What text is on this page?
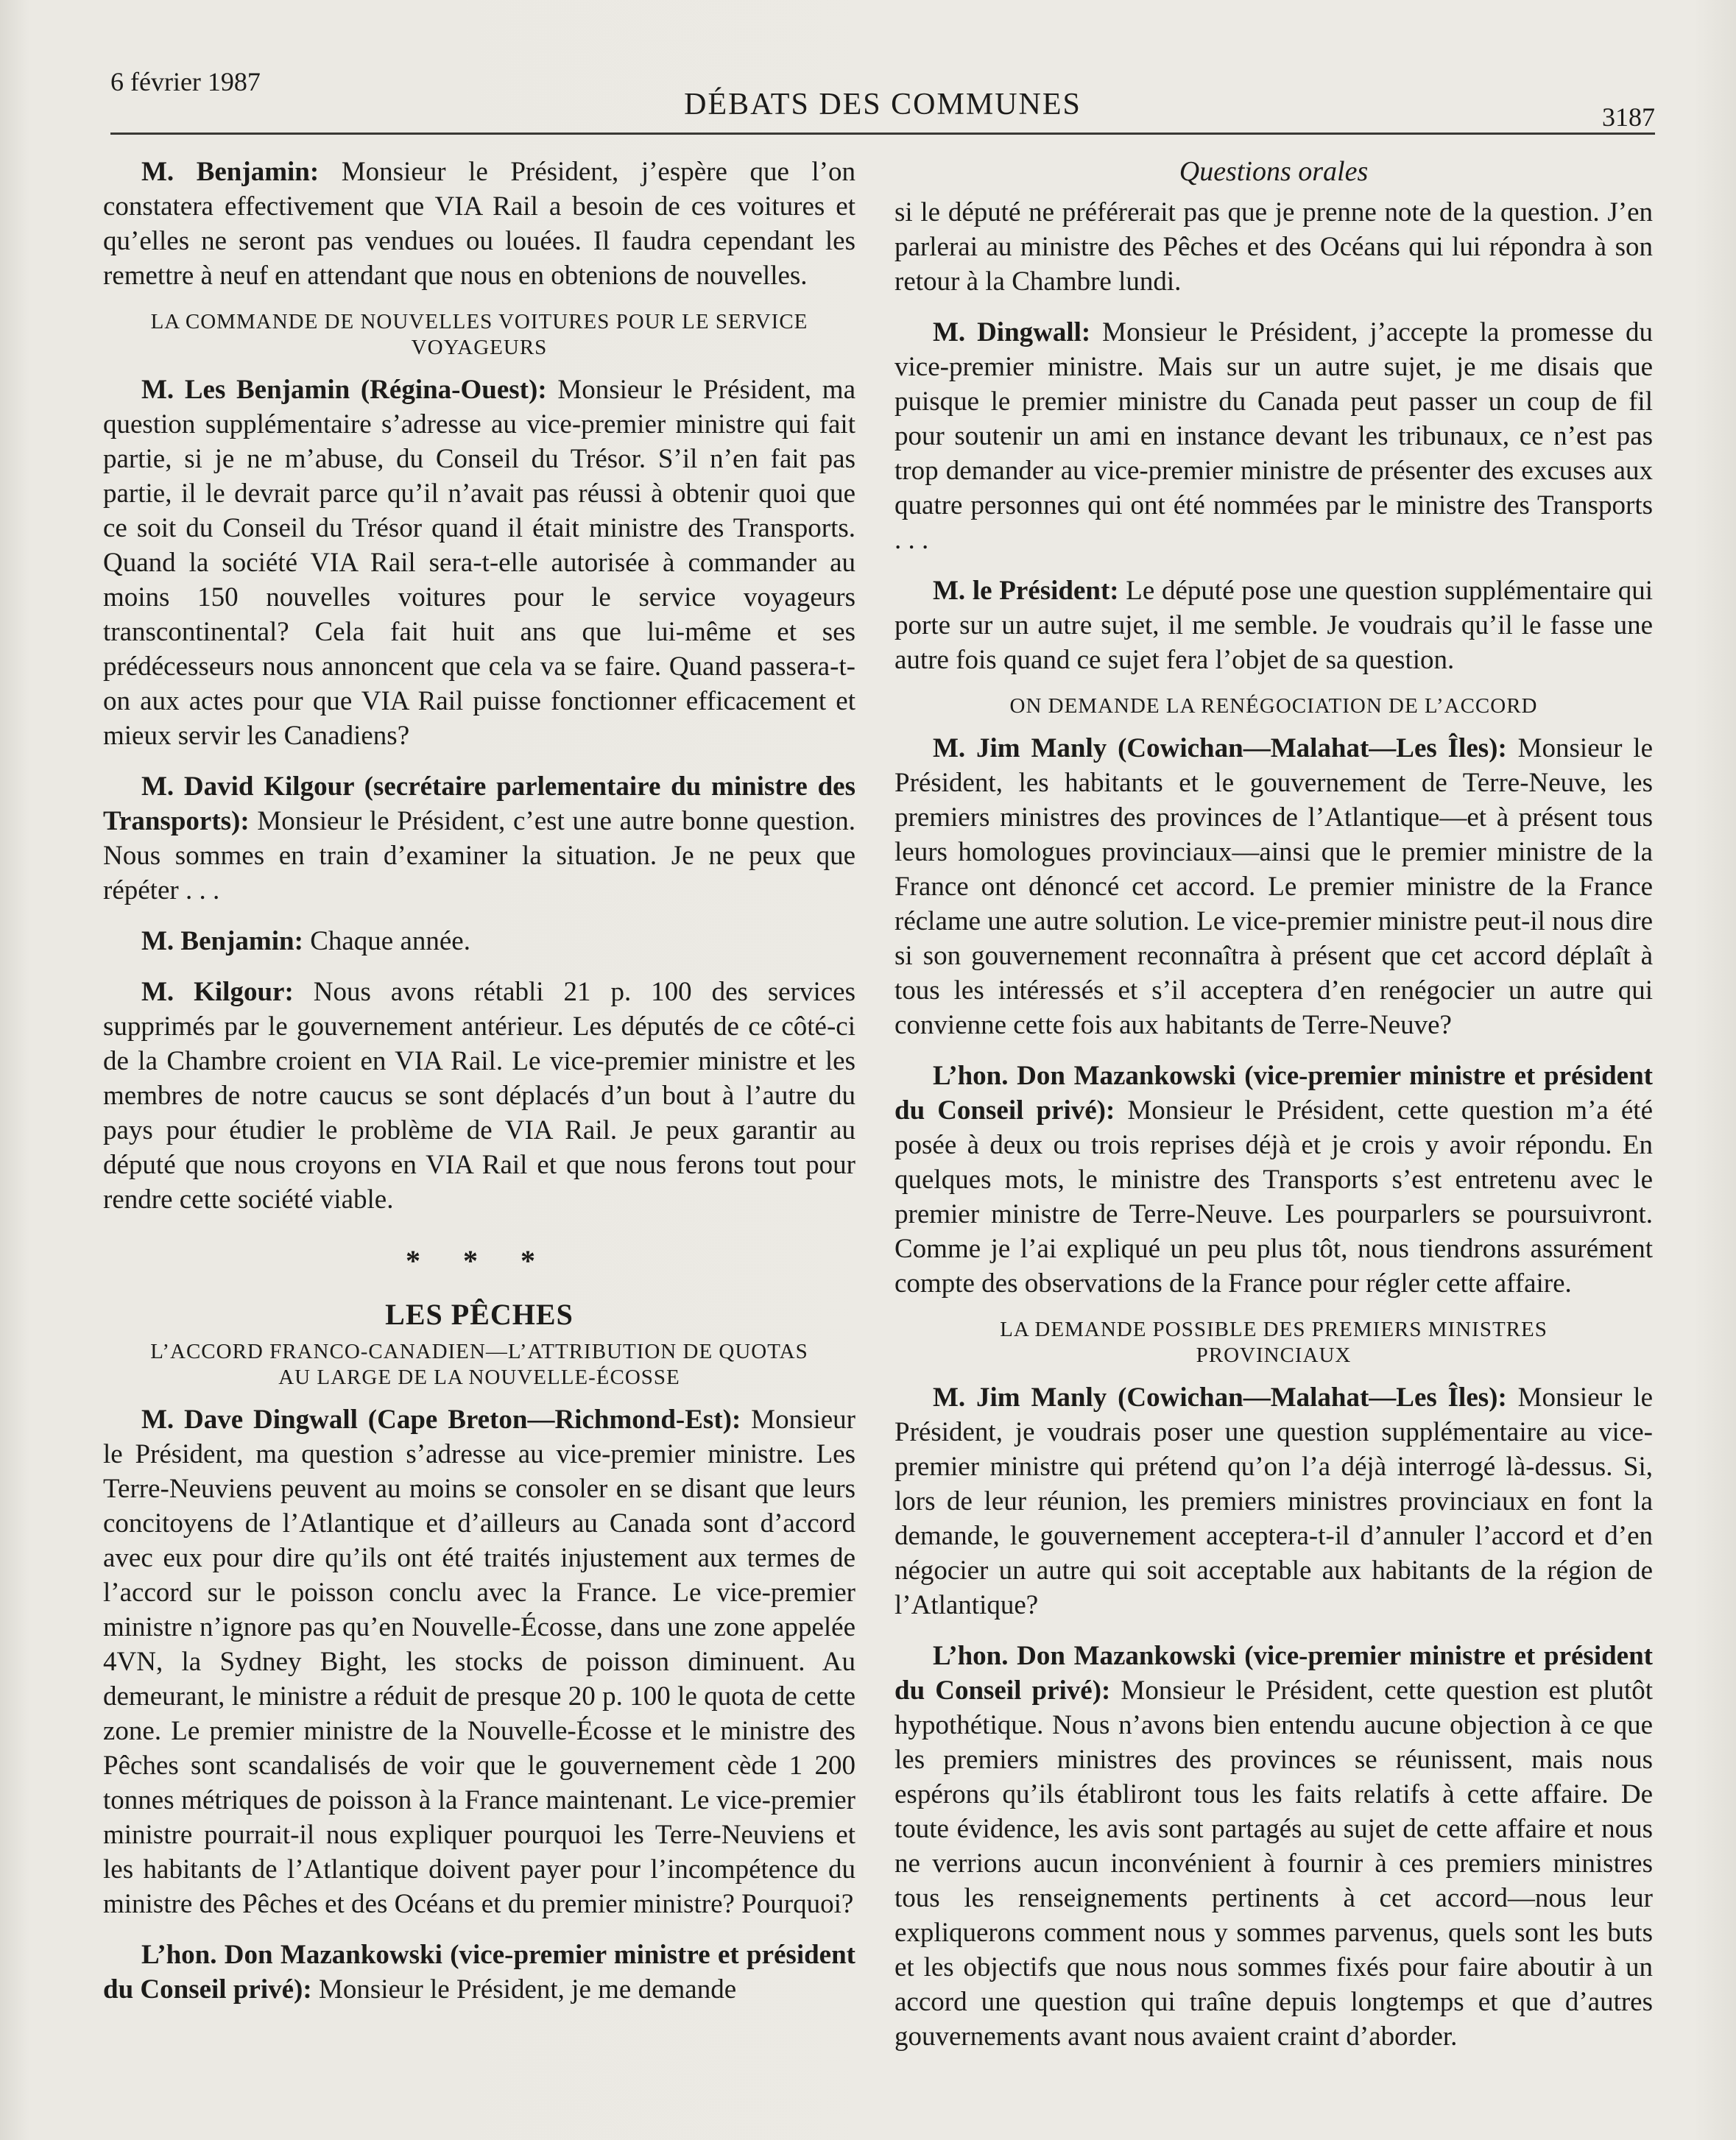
6 février 1987
DÉBATS DES COMMUNES	3187

M. Benjamin: Monsieur le Président, j’espère que l’on constatera effectivement que VIA Rail a besoin de ces voitures et qu’elles ne seront pas vendues ou louées. Il faudra cependant les remettre à neuf en attendant que nous en obtenions de nouvelles.

LA COMMANDE DE NOUVELLES VOITURES POUR LE SERVICE VOYAGEURS

M. Les Benjamin (Régina-Ouest): Monsieur le Président, ma question supplémentaire s’adresse au vice-premier ministre qui fait partie, si je ne m’abuse, du Conseil du Trésor. S’il n’en fait pas partie, il le devrait parce qu’il n’avait pas réussi à obtenir quoi que ce soit du Conseil du Trésor quand il était ministre des Transports. Quand la société VIA Rail sera-t-elle autorisée à commander au moins 150 nouvelles voitures pour le service voyageurs transcontinental? Cela fait huit ans que lui-même et ses prédécesseurs nous annoncent que cela va se faire. Quand passera-t-on aux actes pour que VIA Rail puisse fonctionner efficacement et mieux servir les Canadiens?

M. David Kilgour (secrétaire parlementaire du ministre des Transports): Monsieur le Président, c’est une autre bonne question. Nous sommes en train d’examiner la situation. Je ne peux que répéter . . .

M. Benjamin: Chaque année.

M. Kilgour: Nous avons rétabli 21 p. 100 des services supprimés par le gouvernement antérieur. Les députés de ce côté-ci de la Chambre croient en VIA Rail. Le vice-premier ministre et les membres de notre caucus se sont déplacés d’un bout à l’autre du pays pour étudier le problème de VIA Rail. Je peux garantir au député que nous croyons en VIA Rail et que nous ferons tout pour rendre cette société viable.

* * *
LES PÊCHES
L’ACCORD FRANCO-CANADIEN—L’ATTRIBUTION DE QUOTAS AU LARGE DE LA NOUVELLE-ÉCOSSE

M. Dave Dingwall (Cape Breton—Richmond-Est): Monsieur le Président, ma question s’adresse au vice-premier ministre. Les Terre-Neuviens peuvent au moins se consoler en se disant que leurs concitoyens de l’Atlantique et d’ailleurs au Canada sont d’accord avec eux pour dire qu’ils ont été traités injustement aux termes de l’accord sur le poisson conclu avec la France. Le vice-premier ministre n’ignore pas qu’en Nouvelle-Écosse, dans une zone appelée 4VN, la Sydney Bight, les stocks de poisson diminuent. Au demeurant, le ministre a réduit de presque 20 p. 100 le quota de cette zone. Le premier ministre de la Nouvelle-Écosse et le ministre des Pêches sont scandalisés de voir que le gouvernement cède 1 200 tonnes métriques de poisson à la France maintenant. Le vice-premier ministre pourrait-il nous expliquer pourquoi les Terre-Neuviens et les habitants de l’Atlantique doivent payer pour l’incompétence du ministre des Pêches et des Océans et du premier ministre? Pourquoi?

L’hon. Don Mazankowski (vice-premier ministre et président du Conseil privé): Monsieur le Président, je me demande

Questions orales

si le député ne préférerait pas que je prenne note de la question. J’en parlerai au ministre des Pêches et des Océans qui lui répondra à son retour à la Chambre lundi.

M. Dingwall: Monsieur le Président, j’accepte la promesse du vice-premier ministre. Mais sur un autre sujet, je me disais que puisque le premier ministre du Canada peut passer un coup de fil pour soutenir un ami en instance devant les tribunaux, ce n’est pas trop demander au vice-premier ministre de présenter des excuses aux quatre personnes qui ont été nommées par le ministre des Transports . . .

M. le Président: Le député pose une question supplémentaire qui porte sur un autre sujet, il me semble. Je voudrais qu’il le fasse une autre fois quand ce sujet fera l’objet de sa question.

ON DEMANDE LA RENÉGOCIATION DE L’ACCORD

M. Jim Manly (Cowichan—Malahat—Les Îles): Monsieur le Président, les habitants et le gouvernement de Terre-Neuve, les premiers ministres des provinces de l’Atlantique—et à présent tous leurs homologues provinciaux—ainsi que le premier ministre de la France ont dénoncé cet accord. Le premier ministre de la France réclame une autre solution. Le vice-premier ministre peut-il nous dire si son gouvernement reconnaîtra à présent que cet accord déplaît à tous les intéressés et s’il acceptera d’en renégocier un autre qui convienne cette fois aux habitants de Terre-Neuve?

L’hon. Don Mazankowski (vice-premier ministre et président du Conseil privé): Monsieur le Président, cette question m’a été posée à deux ou trois reprises déjà et je crois y avoir répondu. En quelques mots, le ministre des Transports s’est entretenu avec le premier ministre de Terre-Neuve. Les pourparlers se poursuivront. Comme je l’ai expliqué un peu plus tôt, nous tiendrons assurément compte des observations de la France pour régler cette affaire.

LA DEMANDE POSSIBLE DES PREMIERS MINISTRES PROVINCIAUX

M. Jim Manly (Cowichan—Malahat—Les Îles): Monsieur le Président, je voudrais poser une question supplémentaire au vice-premier ministre qui prétend qu’on l’a déjà interrogé là-dessus. Si, lors de leur réunion, les premiers ministres provinciaux en font la demande, le gouvernement acceptera-t-il d’annuler l’accord et d’en négocier un autre qui soit acceptable aux habitants de la région de l’Atlantique?

L’hon. Don Mazankowski (vice-premier ministre et président du Conseil privé): Monsieur le Président, cette question est plutôt hypothétique. Nous n’avons bien entendu aucune objection à ce que les premiers ministres des provinces se réunissent, mais nous espérons qu’ils établiront tous les faits relatifs à cette affaire. De toute évidence, les avis sont partagés au sujet de cette affaire et nous ne verrions aucun inconvénient à fournir à ces premiers ministres tous les renseignements pertinents à cet accord—nous leur expliquerons comment nous y sommes parvenus, quels sont les buts et les objectifs que nous nous sommes fixés pour faire aboutir à un accord une question qui traîne depuis longtemps et que d’autres gouvernements avant nous avaient craint d’aborder.
